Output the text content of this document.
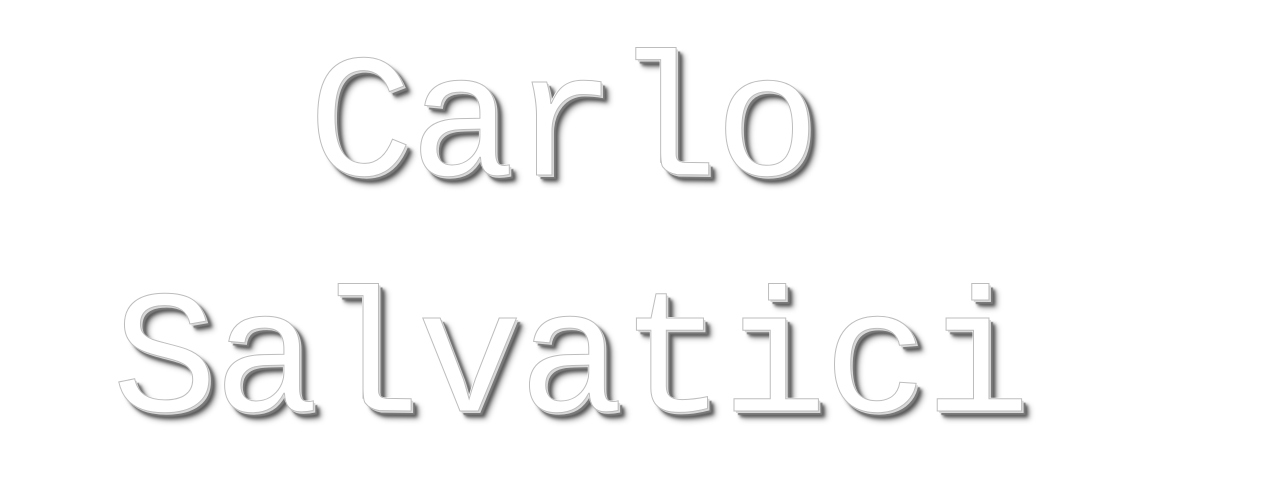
Carlo
Salvatici
